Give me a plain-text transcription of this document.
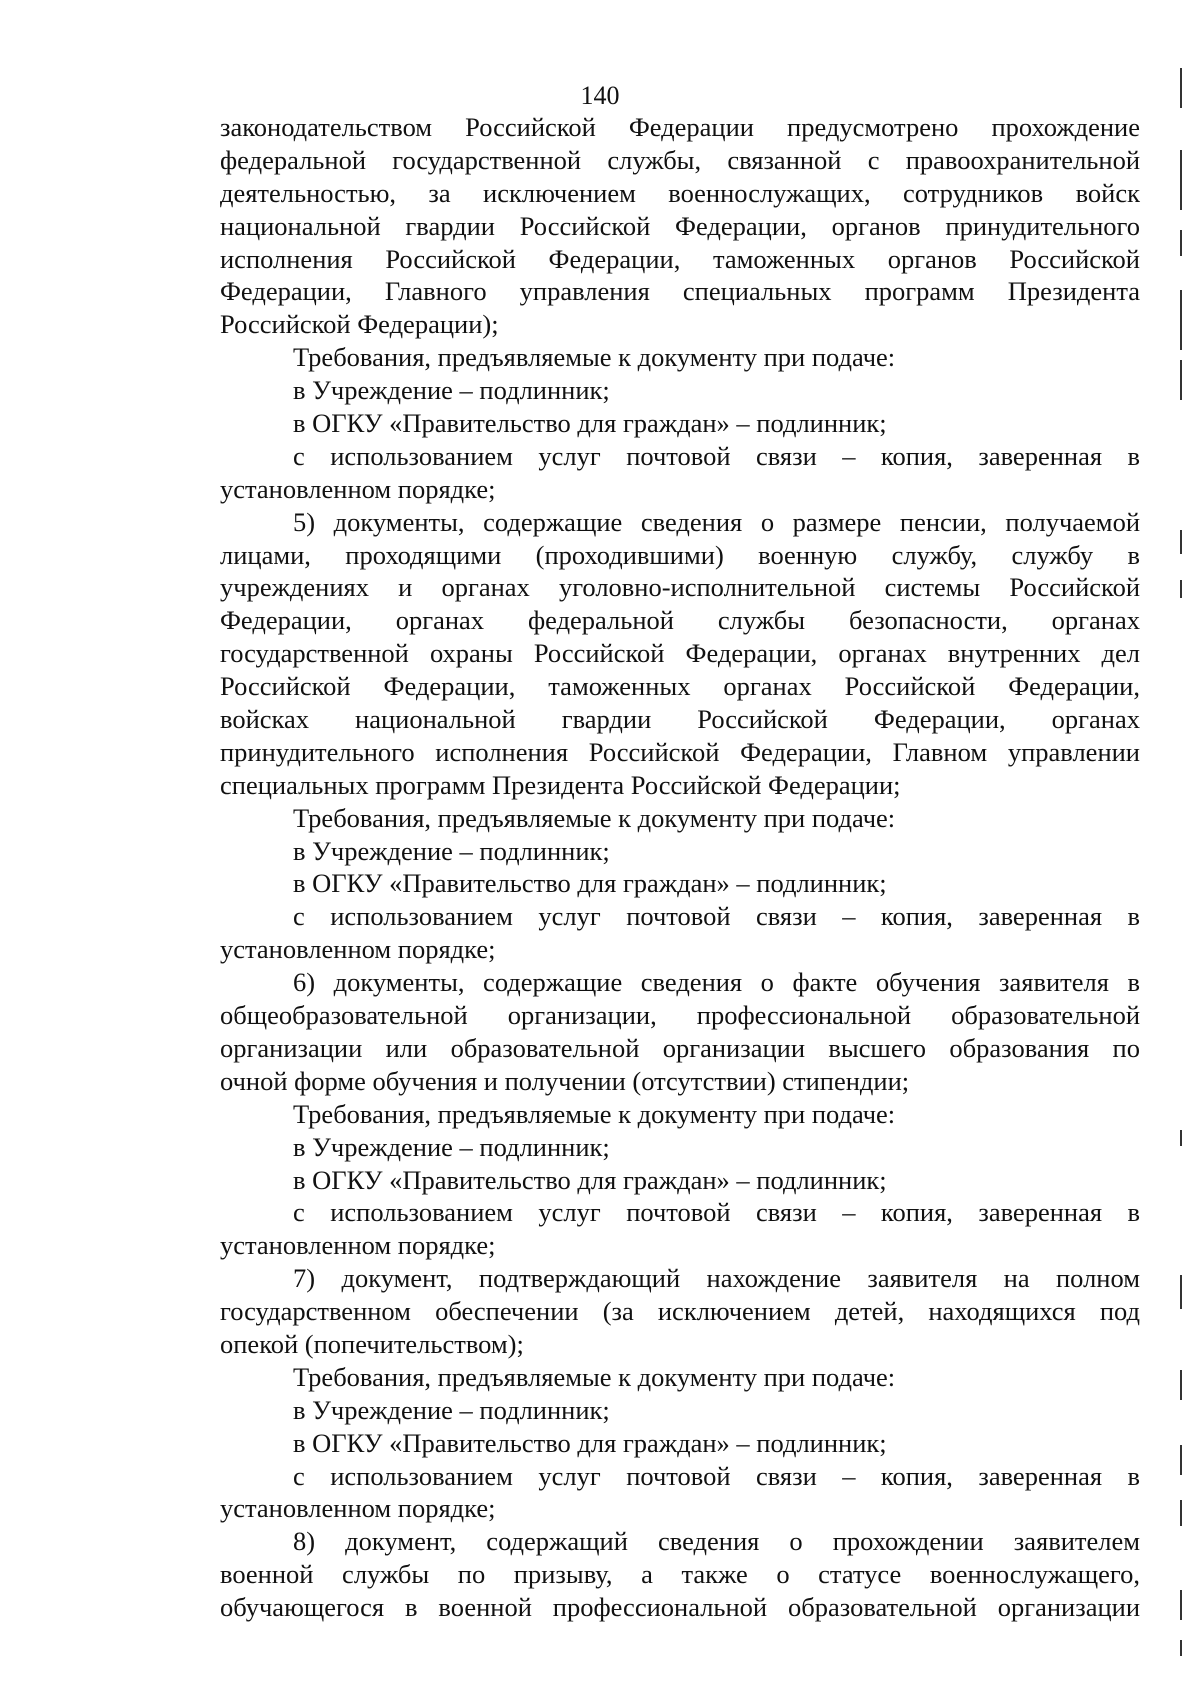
140
законодательством Российской Федерации предусмотрено прохождение
федеральной государственной службы, связанной с правоохранительной
деятельностью, за исключением военнослужащих, сотрудников войск
национальной гвардии Российской Федерации, органов принудительного
исполнения Российской Федерации, таможенных органов Российской
Федерации, Главного управления специальных программ Президента
Российской Федерации);
Требования, предъявляемые к документу при подаче:
в Учреждение – подлинник;
в ОГКУ «Правительство для граждан» – подлинник;
с использованием услуг почтовой связи – копия, заверенная в
установленном порядке;
5) документы, содержащие сведения о размере пенсии, получаемой
лицами, проходящими (проходившими) военную службу, службу в
учреждениях и органах уголовно-исполнительной системы Российской
Федерации, органах федеральной службы безопасности, органах
государственной охраны Российской Федерации, органах внутренних дел
Российской Федерации, таможенных органах Российской Федерации,
войсках национальной гвардии Российской Федерации, органах
принудительного исполнения Российской Федерации, Главном управлении
специальных программ Президента Российской Федерации;
Требования, предъявляемые к документу при подаче:
в Учреждение – подлинник;
в ОГКУ «Правительство для граждан» – подлинник;
с использованием услуг почтовой связи – копия, заверенная в
установленном порядке;
6) документы, содержащие сведения о факте обучения заявителя в
общеобразовательной организации, профессиональной образовательной
организации или образовательной организации высшего образования по
очной форме обучения и получении (отсутствии) стипендии;
Требования, предъявляемые к документу при подаче:
в Учреждение – подлинник;
в ОГКУ «Правительство для граждан» – подлинник;
с использованием услуг почтовой связи – копия, заверенная в
установленном порядке;
7) документ, подтверждающий нахождение заявителя на полном
государственном обеспечении (за исключением детей, находящихся под
опекой (попечительством);
Требования, предъявляемые к документу при подаче:
в Учреждение – подлинник;
в ОГКУ «Правительство для граждан» – подлинник;
с использованием услуг почтовой связи – копия, заверенная в
установленном порядке;
8) документ, содержащий сведения о прохождении заявителем
военной службы по призыву, а также о статусе военнослужащего,
обучающегося в военной профессиональной образовательной организации
